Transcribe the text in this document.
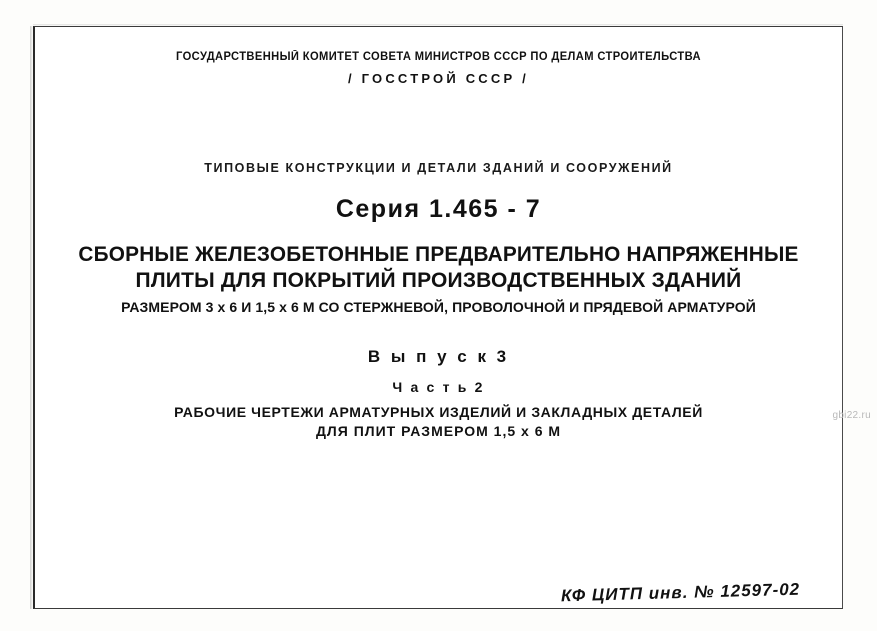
ГОСУДАРСТВЕННЫЙ КОМИТЕТ СОВЕТА МИНИСТРОВ СССР ПО ДЕЛАМ СТРОИТЕЛЬСТВА
/ ГОССТРОЙ СССР /
ТИПОВЫЕ КОНСТРУКЦИИ И ДЕТАЛИ ЗДАНИЙ И СООРУЖЕНИЙ
Серия 1.465 - 7
СБОРНЫЕ ЖЕЛЕЗОБЕТОННЫЕ ПРЕДВАРИТЕЛЬНО НАПРЯЖЕННЫЕ
ПЛИТЫ ДЛЯ ПОКРЫТИЙ ПРОИЗВОДСТВЕННЫХ ЗДАНИЙ
РАЗМЕРОМ 3 х 6 И 1,5 х 6 М СО СТЕРЖНЕВОЙ, ПРОВОЛОЧНОЙ И ПРЯДЕВОЙ АРМАТУРОЙ
В ы п у с к 3
Ч а с т ь 2
РАБОЧИЕ ЧЕРТЕЖИ АРМАТУРНЫХ ИЗДЕЛИЙ И ЗАКЛАДНЫХ ДЕТАЛЕЙ
ДЛЯ ПЛИТ РАЗМЕРОМ 1,5 х 6 М
КФ ЦИТП инв. № 12597-02
gbi22.ru
